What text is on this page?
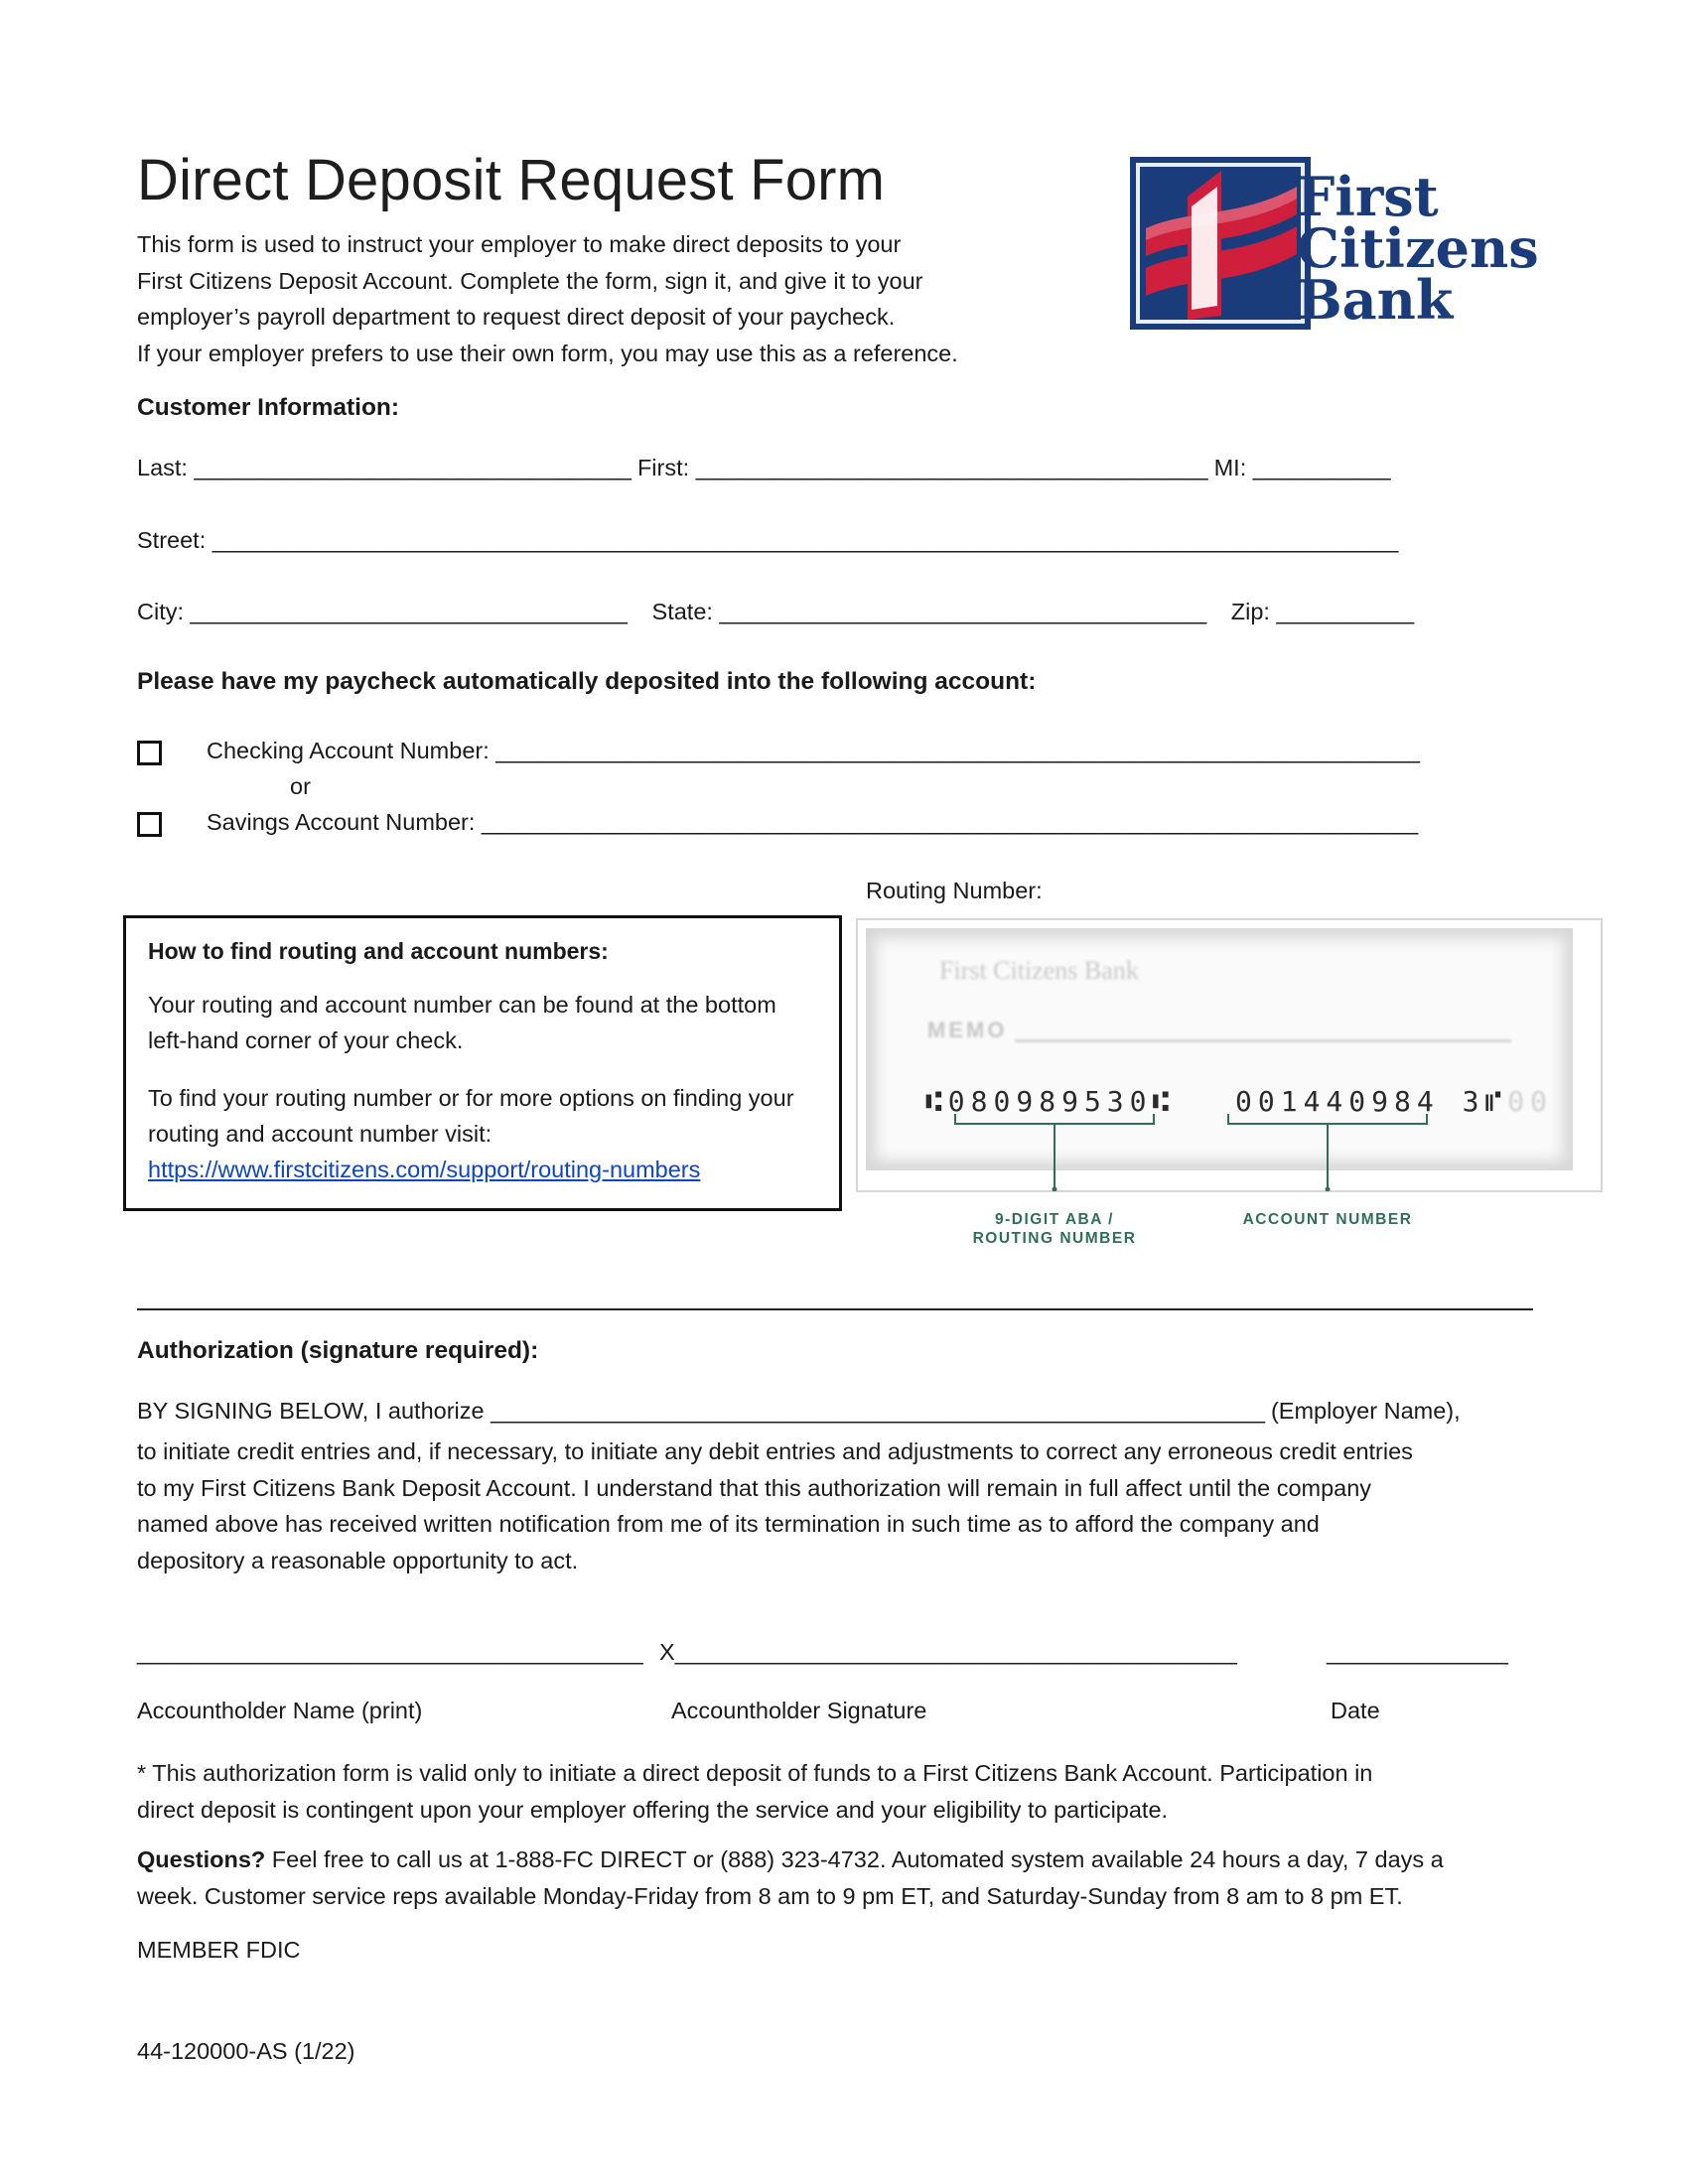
Direct Deposit Request Form
This form is used to instruct your employer to make direct deposits to your
First Citizens Deposit Account. Complete the form, sign it, and give it to your
employer’s payroll department to request direct deposit of your paycheck.
If your employer prefers to use their own form, you may use this as a reference.
First
Citizens
Bank
Customer Information:
Last: ___________________________________ First: _________________________________________ MI: ___________
Street: _______________________________________________________________________________________________
City: ___________________________________ State: _______________________________________ Zip: ___________
Please have my paycheck automatically deposited into the following account:
Checking Account Number: __________________________________________________________________________
or
Savings Account Number: ___________________________________________________________________________
Routing Number:
How to find routing and account numbers:

Your routing and account number can be found at the bottom left-hand corner of your check.

To find your routing number or for more options on finding your routing and account number visit:
https://www.firstcitizens.com/support/routing-numbers

First Citizens Bank
MEMO
⑆080989530⑆ 001440984 3⑈00
9-DIGIT ABA /
ROUTING NUMBER
ACCOUNT NUMBER
Authorization (signature required):
BY SIGNING BELOW, I authorize ______________________________________________________________ (Employer Name),
to initiate credit entries and, if necessary, to initiate any debit entries and adjustments to correct any erroneous credit entries
to my First Citizens Bank Deposit Account. I understand that this authorization will remain in full affect until the company
named above has received written notification from me of its termination in such time as to afford the company and
depository a reasonable opportunity to act.
_______________________________________ X_____________________________________________	______________
Accountholder Name (print)	Accountholder Signature	Date
* This authorization form is valid only to initiate a direct deposit of funds to a First Citizens Bank Account. Participation in
direct deposit is contingent upon your employer offering the service and your eligibility to participate.
Questions? Feel free to call us at 1-888-FC DIRECT or (888) 323-4732. Automated system available 24 hours a day, 7 days a
week. Customer service reps available Monday-Friday from 8 am to 9 pm ET, and Saturday-Sunday from 8 am to 8 pm ET.
MEMBER FDIC
44-120000-AS (1/22)
